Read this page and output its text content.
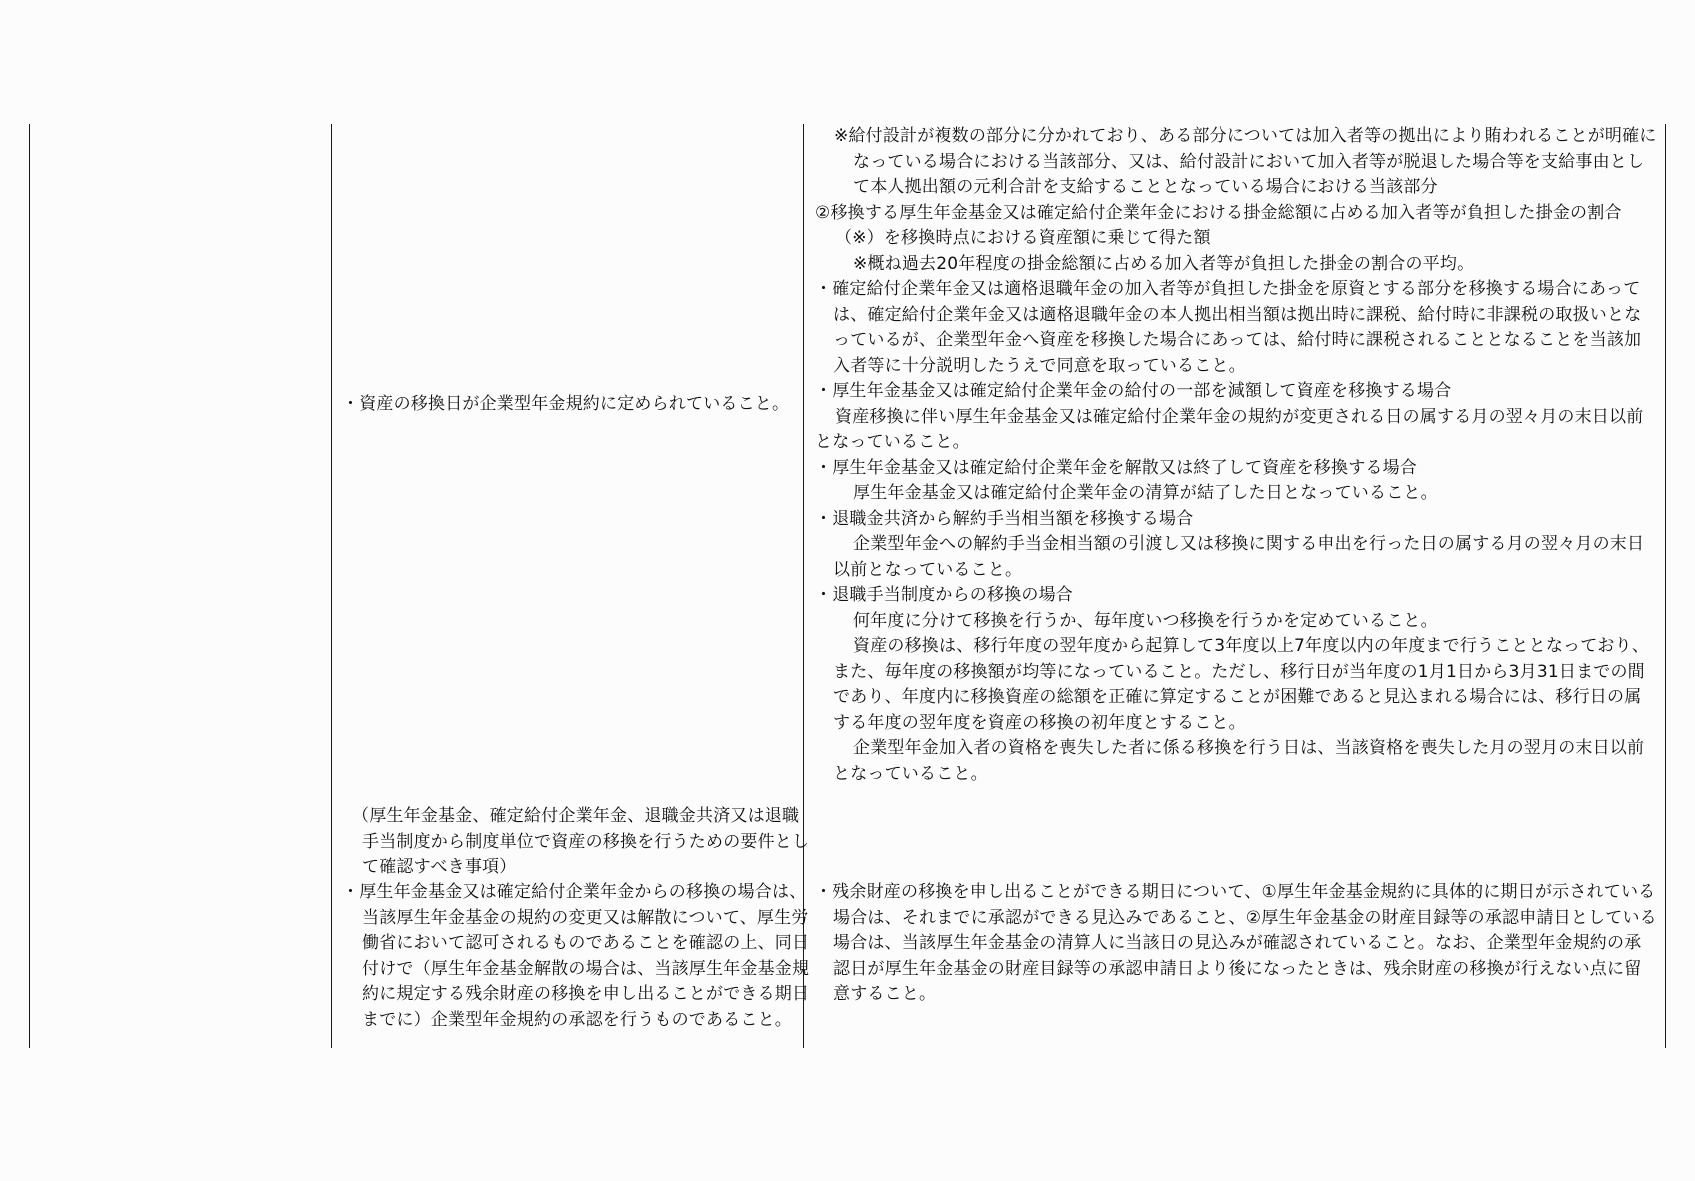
・資産の移換日が企業型年金規約に定められていること。

（厚生年金基金、確定給付企業年金、退職金共済又は退職手当制度から制度単位で資産の移換を行うための要件として確認すべき事項）

・厚生年金基金又は確定給付企業年金からの移換の場合は、当該厚生年金基金の規約の変更又は解散について、厚生労働省において認可されるものであることを確認の上、同日付けで（厚生年金基金解散の場合は、当該厚生年金基金規約に規定する残余財産の移換を申し出ることができる期日までに）企業型年金規約の承認を行うものであること。

※給付設計が複数の部分に分かれており、ある部分については加入者等の拠出により賄われることが明確になっている場合における当該部分、又は、給付設計において加入者等が脱退した場合等を支給事由として本人拠出額の元利合計を支給することとなっている場合における当該部分

②移換する厚生年金基金又は確定給付企業年金における掛金総額に占める加入者等が負担した掛金の割合（※）を移換時点における資産額に乗じて得た額

※概ね過去20年程度の掛金総額に占める加入者等が負担した掛金の割合の平均。

・確定給付企業年金又は適格退職年金の加入者等が負担した掛金を原資とする部分を移換する場合にあっては、確定給付企業年金又は適格退職年金の本人拠出相当額は拠出時に課税、給付時に非課税の取扱いとなっているが、企業型年金へ資産を移換した場合にあっては、給付時に課税されることとなることを当該加入者等に十分説明したうえで同意を取っていること。

・厚生年金基金又は確定給付企業年金の給付の一部を減額して資産を移換する場合

資産移換に伴い厚生年金基金又は確定給付企業年金の規約が変更される日の属する月の翌々月の末日以前となっていること。

・厚生年金基金又は確定給付企業年金を解散又は終了して資産を移換する場合

厚生年金基金又は確定給付企業年金の清算が結了した日となっていること。

・退職金共済から解約手当相当額を移換する場合

企業型年金への解約手当金相当額の引渡し又は移換に関する申出を行った日の属する月の翌々月の末日以前となっていること。

・退職手当制度からの移換の場合

何年度に分けて移換を行うか、毎年度いつ移換を行うかを定めていること。

資産の移換は、移行年度の翌年度から起算して3年度以上7年度以内の年度まで行うこととなっており、また、毎年度の移換額が均等になっていること。ただし、移行日が当年度の1月1日から3月31日までの間であり、年度内に移換資産の総額を正確に算定することが困難であると見込まれる場合には、移行日の属する年度の翌年度を資産の移換の初年度とすること。

企業型年金加入者の資格を喪失した者に係る移換を行う日は、当該資格を喪失した月の翌月の末日以前となっていること。

・残余財産の移換を申し出ることができる期日について、①厚生年金基金規約に具体的に期日が示されている場合は、それまでに承認ができる見込みであること、②厚生年金基金の財産目録等の承認申請日としている場合は、当該厚生年金基金の清算人に当該日の見込みが確認されていること。なお、企業型年金規約の承認日が厚生年金基金の財産目録等の承認申請日より後になったときは、残余財産の移換が行えない点に留意すること。
